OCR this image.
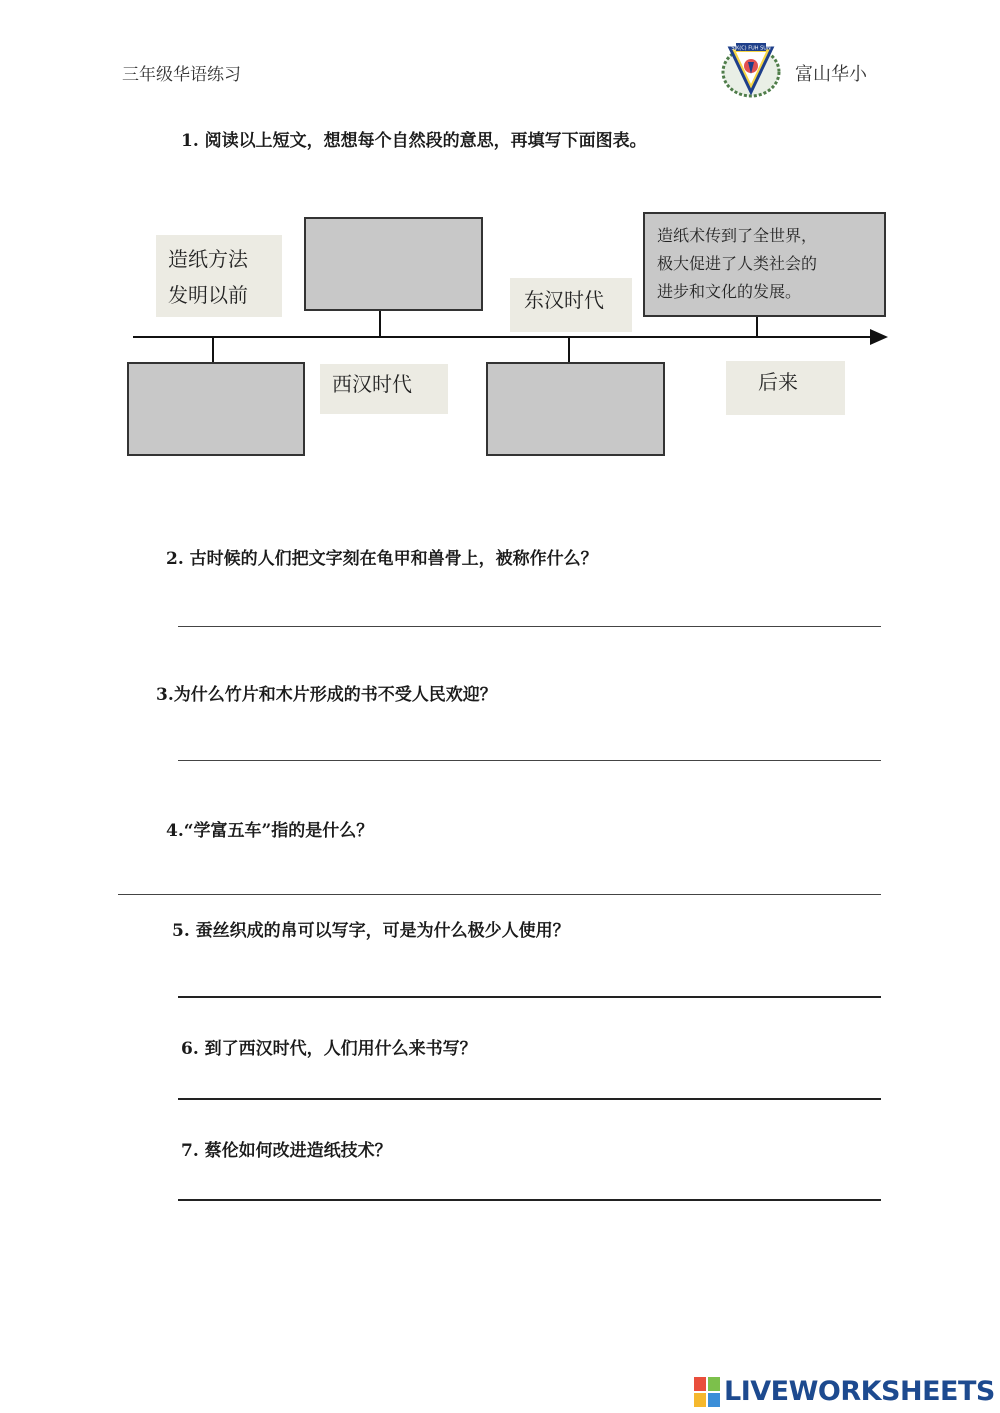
三年级华语练习
SJK(C) FUH SUN
富山华小
1. 阅读以上短文，想想每个自然段的意思，再填写下面图表。
造纸方法
发明以前
西汉时代
东汉时代
后来
造纸术传到了全世界，
极大促进了人类社会的
进步和文化的发展。
2. 古时候的人们把文字刻在龟甲和兽骨上，被称作什么？
3.为什么竹片和木片形成的书不受人民欢迎？
4.“学富五车”指的是什么？
5. 蚕丝织成的帛可以写字，可是为什么极少人使用？
6. 到了西汉时代，人们用什么来书写？
7. 蔡伦如何改进造纸技术？
LIVEWORKSHEETS
